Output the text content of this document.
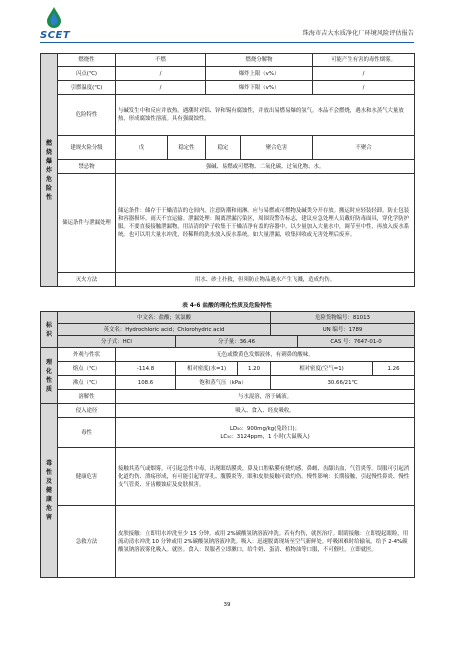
SCET	珠海市吉大水质净化厂环境风险评估报告
燃烧爆炸危险性	燃烧性	不燃		燃烧分解物		可能产生有害的毒性烟雾。
	闪点(℃)	/		爆炸上限（v%）		/
	引燃温度(℃)	/		爆炸下限（v%）		/
	危险特性	与碱发生中和反应并放热。遇潮时对铝、锌和锡有腐蚀性，并放出易燃易爆的氢气。本品不会燃烧，遇水和水蒸气大量放热，形成腐蚀性溶液。具有强腐蚀性。				
	建规火险分级	戊	稳定性	稳定	聚合危害	不聚合
	禁忌物	强碱、易燃或可燃物、二氧化碳、过氧化物、水。				
	储运条件与泄漏处理	储运条件：储存于干燥清洁的仓间内，注意防潮和雨淋。应与易燃或可燃物及碱类分开存放。搬运时应轻装轻卸，防止包装和容器损坏。雨天不宜运输。泄漏处理：隔离泄漏污染区，周围设警告标志，建议应急处理人员戴好防毒面具，穿化学防护服。不要直接接触泄漏物，用洁清的铲子收集于干燥洁净有盖的容器中，以少量加入大量水中，调节至中性，再放入废水系统。也可以用大量水冲洗，经稀释的洗水放入废水系统。如大量泄漏，收集回收或无害处理后废弃。				
	灭火方法	用水、砂土扑救，但须防止物品遇水产生飞溅，造成灼伤。				
表 4-6 盐酸的理化性质及危险特性
标识	中文名：盐酸；氢氯酸				危险货物编号：81013		
	英文名：Hydrochloric acid；Chlorohydric acid				UN 编号：1789		
	分子式：HCl		分子量：36.46			CAS 号：7647-01-0	
理化性质	外观与性状	无色或微黄色发烟液体，有刺鼻的酸味。					
	熔点（℃）	-114.8	相对密度(水=1)	1.20	相对密度(空气=1)		1.26
	沸点（℃）	108.6	饱和蒸气压（kPa）		30.66/21℃		
	溶解性	与水混溶，溶于碱液。					
毒性及健康危害	侵入途径	吸入、食入、经皮吸收。					
	毒性	LD₅₀：900mg/kg(兔经口)；
LC₅₀：3124ppm，1 小时(大鼠吸入)					

	健康危害	接触其蒸气或烟雾，可引起急性中毒，出现眼结膜炎，鼻及口腔粘膜有烧灼感，鼻衄、齿龈出血，气管炎等。误服可引起消化道灼伤、溃疡形成，有可能引起胃穿孔、腹膜炎等。眼和皮肤接触可致灼伤。慢性影响：长期接触，引起慢性鼻炎、慢性支气管炎、牙齿酸蚀症及皮肤损害。					
	急救方法	皮肤接触：立即用水冲洗至少 15 分钟。或用 2%碳酸氢钠溶液冲洗。若有灼伤，就医治疗。眼睛接触：立即提起眼睑，用流动清水冲洗 10 分钟或用 2%碳酸氢钠溶液冲洗。吸入：迅速脱离现场至空气新鲜处。呼吸困难时给输氧。给予 2-4%碳酸氢钠溶液雾化吸入。就医。食入：误服者立即漱口，给牛奶、蛋清、植物油等口服，不可催吐。立即就医。					
39
